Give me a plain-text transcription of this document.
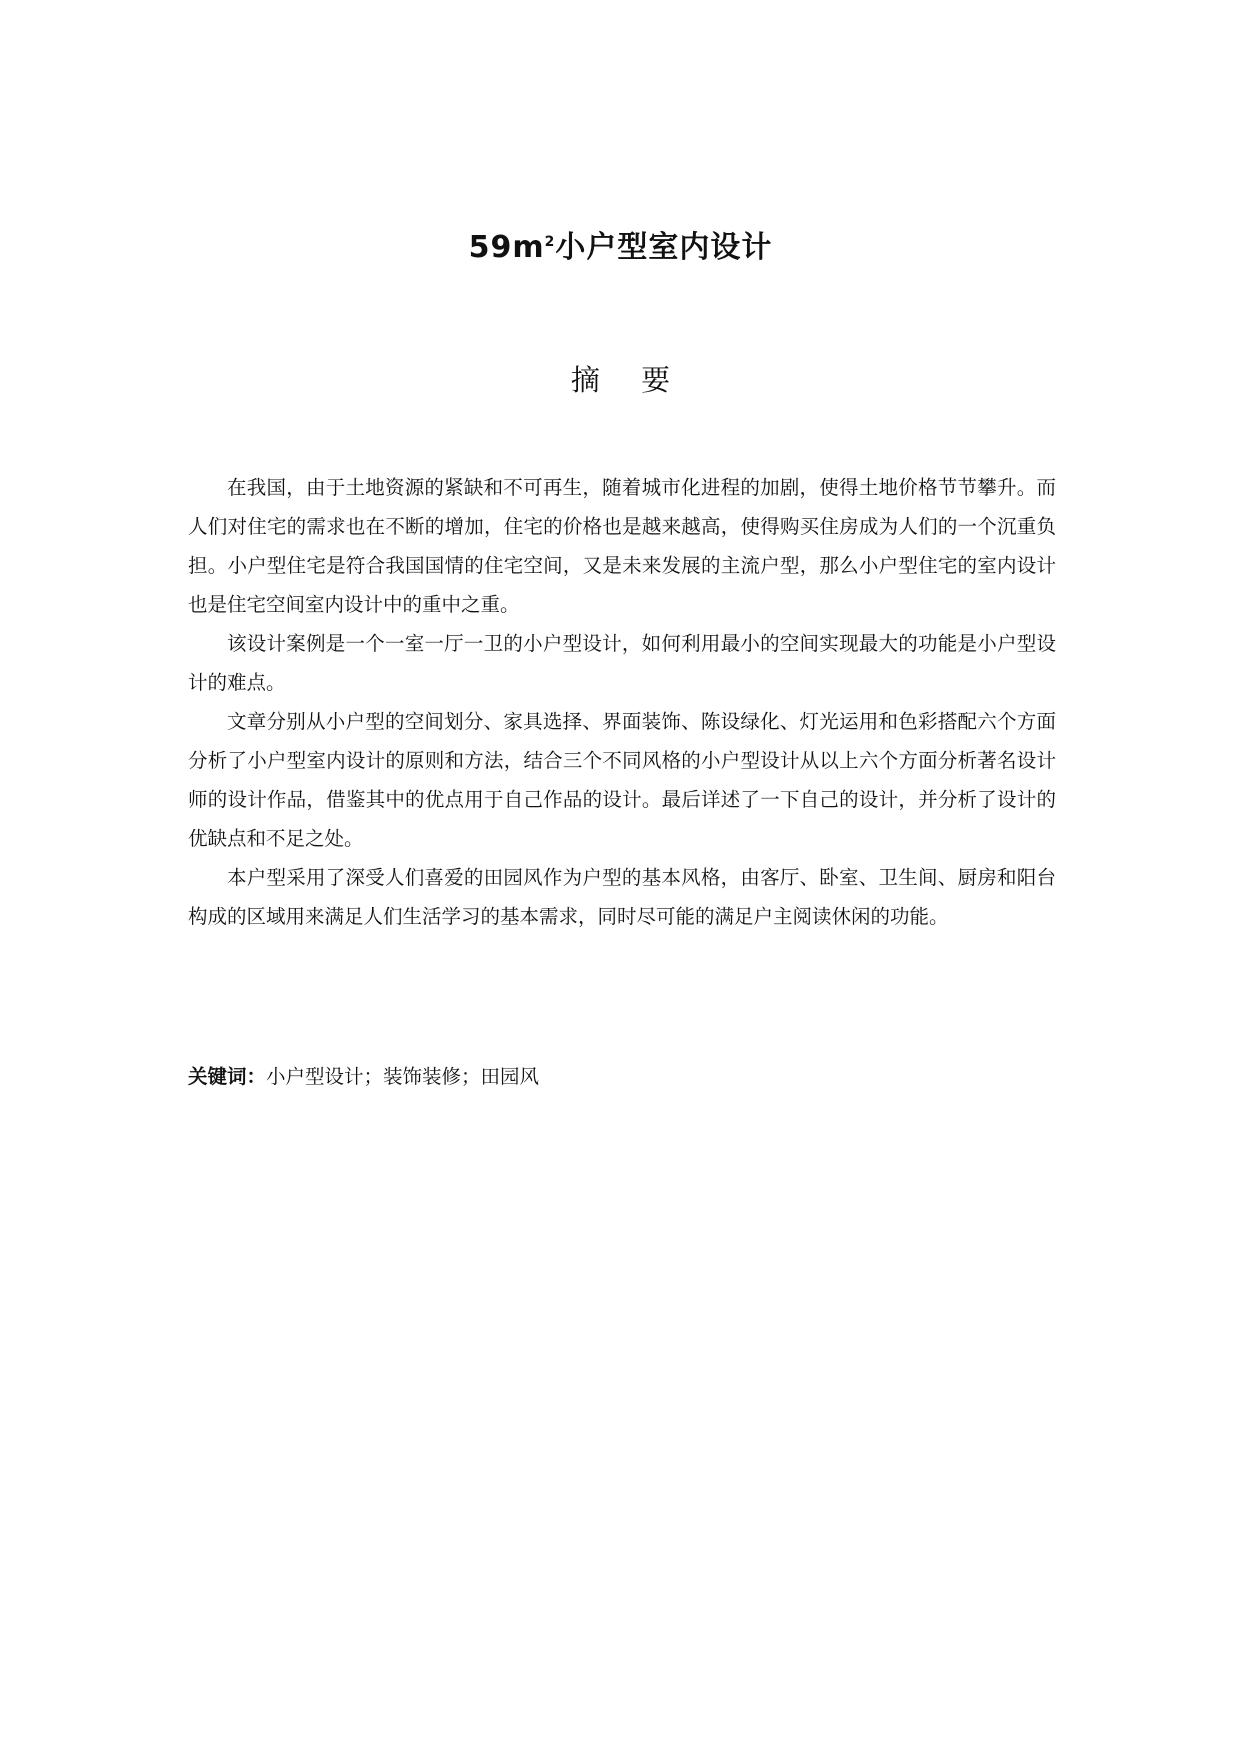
$59m^2$小户型室内设计
摘 要

在我国，由于土地资源的紧缺和不可再生，随着城市化进程的加剧，使得土地价格节节攀升。而人们对住宅的需求也在不断的增加，住宅的价格也是越来越高，使得购买住房成为人们的一个沉重负担。小户型住宅是符合我国国情的住宅空间，又是未来发展的主流户型，那么小户型住宅的室内设计也是住宅空间室内设计中的重中之重。

该设计案例是一个一室一厅一卫的小户型设计，如何利用最小的空间实现最大的功能是小户型设计的难点。

文章分别从小户型的空间划分、家具选择、界面装饰、陈设绿化、灯光运用和色彩搭配六个方面分析了小户型室内设计的原则和方法，结合三个不同风格的小户型设计从以上六个方面分析著名设计师的设计作品，借鉴其中的优点用于自己作品的设计。最后详述了一下自己的设计，并分析了设计的优缺点和不足之处。

本户型采用了深受人们喜爱的田园风作为户型的基本风格，由客厅、卧室、卫生间、厨房和阳台构成的区域用来满足人们生活学习的基本需求，同时尽可能的满足户主阅读休闲的功能。

关键词：小户型设计；装饰装修；田园风
